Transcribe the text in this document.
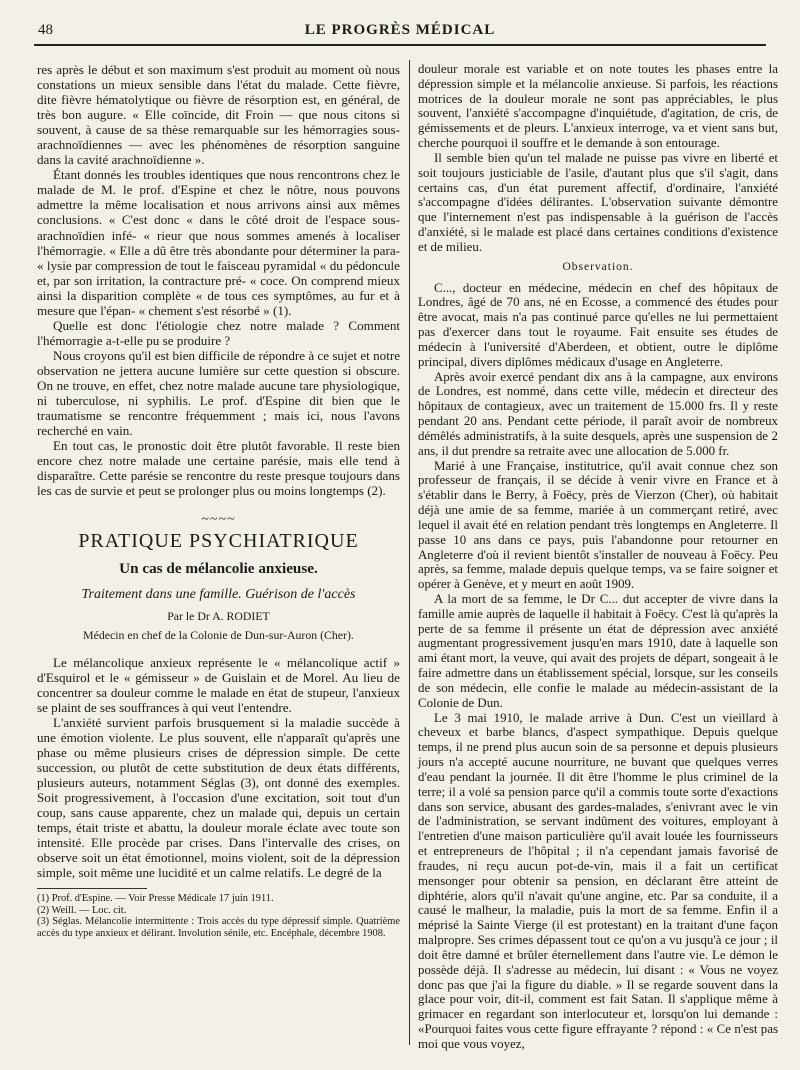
48	LE PROGRÈS MÉDICAL

res après le début et son maximum s'est produit au moment où nous constations un mieux sensible dans l'état du malade. Cette fièvre, dite fièvre hématolytique ou fièvre de résorption est, en général, de très bon augure. « Elle coïncide, dit Froin — que nous citons si souvent, à cause de sa thèse remarquable sur les hémorragies sous-arachnoïdiennes — avec les phénomènes de résorption sanguine dans la cavité arachnoïdienne ».

Étant donnés les troubles identiques que nous rencontrons chez le malade de M. le prof. d'Espine et chez le nôtre, nous pouvons admettre la même localisation et nous arrivons ainsi aux mêmes conclusions. « C'est donc « dans le côté droit de l'espace sous- arachnoïdien infé- « rieur que nous sommes amenés à localiser l'hémorragie. « Elle a dû être très abondante pour déterminer la para- « lysie par compression de tout le faisceau pyramidal « du pédoncule et, par son irritation, la contracture pré- « coce. On comprend mieux ainsi la disparition complète « de tous ces symptômes, au fur et à mesure que l'épan- « chement s'est résorbé » (1).

Quelle est donc l'étiologie chez notre malade ? Comment l'hémorragie a-t-elle pu se produire ?

Nous croyons qu'il est bien difficile de répondre à ce sujet et notre observation ne jettera aucune lumière sur cette question si obscure. On ne trouve, en effet, chez notre malade aucune tare physiologique, ni tuberculose, ni syphilis. Le prof. d'Espine dit bien que le traumatisme se rencontre fréquemment ; mais ici, nous l'avons recherché en vain.

En tout cas, le pronostic doit être plutôt favorable. Il reste bien encore chez notre malade une certaine parésie, mais elle tend à disparaître. Cette parésie se rencontre du reste presque toujours dans les cas de survie et peut se prolonger plus ou moins longtemps (2).

~~~~
PRATIQUE PSYCHIATRIQUE
Un cas de mélancolie anxieuse.
Traitement dans une famille. Guérison de l'accès
Par le Dr A. RODIET
Médecin en chef de la Colonie de Dun-sur-Auron (Cher).

Le mélancolique anxieux représente le « mélancolique actif » d'Esquirol et le « gémisseur » de Guislain et de Morel. Au lieu de concentrer sa douleur comme le malade en état de stupeur, l'anxieux se plaint de ses souffrances à qui veut l'entendre.

L'anxiété survient parfois brusquement si la maladie succède à une émotion violente. Le plus souvent, elle n'apparaît qu'après une phase ou même plusieurs crises de dépression simple. De cette succession, ou plutôt de cette substitution de deux états différents, plusieurs auteurs, notamment Séglas (3), ont donné des exemples. Soit progressivement, à l'occasion d'une excitation, soit tout d'un coup, sans cause apparente, chez un malade qui, depuis un certain temps, était triste et abattu, la douleur morale éclate avec toute son intensité. Elle procède par crises. Dans l'intervalle des crises, on observe soit un état émotionnel, moins violent, soit de la dépression simple, soit même une lucidité et un calme relatifs. Le degré de la

(1) Prof. d'Espine. — Voir Presse Médicale 17 juin 1911.
(2) Weill. — Loc. cit.
(3) Séglas. Mélancolie intermittente : Trois accès du type dépressif simple. Quatrième accès du type anxieux et délirant. Involution sénile, etc. Encéphale, décembre 1908.

douleur morale est variable et on note toutes les phases entre la dépression simple et la mélancolie anxieuse. Si parfois, les réactions motrices de la douleur morale ne sont pas appréciables, le plus souvent, l'anxiété s'accompagne d'inquiétude, d'agitation, de cris, de gémissements et de pleurs. L'anxieux interroge, va et vient sans but, cherche pourquoi il souffre et le demande à son entourage.

Il semble bien qu'un tel malade ne puisse pas vivre en liberté et soit toujours justiciable de l'asile, d'autant plus que s'il s'agit, dans certains cas, d'un état purement affectif, d'ordinaire, l'anxiété s'accompagne d'idées délirantes. L'observation suivante démontre que l'internement n'est pas indispensable à la guérison de l'accès d'anxiété, si le malade est placé dans certaines conditions d'existence et de milieu.

Observation.

C..., docteur en médecine, médecin en chef des hôpitaux de Londres, âgé de 70 ans, né en Ecosse, a commencé des études pour être avocat, mais n'a pas continué parce qu'elles ne lui permettaient pas d'exercer dans tout le royaume. Fait ensuite ses études de médecin à l'université d'Aberdeen, et obtient, outre le diplôme principal, divers diplômes médicaux d'usage en Angleterre.

Après avoir exercé pendant dix ans à la campagne, aux environs de Londres, est nommé, dans cette ville, médecin et directeur des hôpitaux de contagieux, avec un traitement de 15.000 frs. Il y reste pendant 20 ans. Pendant cette période, il paraît avoir de nombreux démêlés administratifs, à la suite desquels, après une suspension de 2 ans, il dut prendre sa retraite avec une allocation de 5.000 fr.

Marié à une Française, institutrice, qu'il avait connue chez son professeur de français, il se décide à venir vivre en France et à s'établir dans le Berry, à Foëcy, près de Vierzon (Cher), où habitait déjà une amie de sa femme, mariée à un commerçant retiré, avec lequel il avait été en relation pendant très longtemps en Angleterre. Il passe 10 ans dans ce pays, puis l'abandonne pour retourner en Angleterre d'où il revient bientôt s'installer de nouveau à Foëcy. Peu après, sa femme, malade depuis quelque temps, va se faire soigner et opérer à Genève, et y meurt en août 1909.

A la mort de sa femme, le Dr C... dut accepter de vivre dans la famille amie auprès de laquelle il habitait à Foëcy. C'est là qu'après la perte de sa femme il présente un état de dépression avec anxiété augmentant progressivement jusqu'en mars 1910, date à laquelle son ami étant mort, la veuve, qui avait des projets de départ, songeait à le faire admettre dans un établissement spécial, lorsque, sur les conseils de son médecin, elle confie le malade au médecin-assistant de la Colonie de Dun.

Le 3 mai 1910, le malade arrive à Dun. C'est un vieillard à cheveux et barbe blancs, d'aspect sympathique. Depuis quelque temps, il ne prend plus aucun soin de sa personne et depuis plusieurs jours n'a accepté aucune nourriture, ne buvant que quelques verres d'eau pendant la journée. Il dit être l'homme le plus criminel de la terre; il a volé sa pension parce qu'il a commis toute sorte d'exactions dans son service, abusant des gardes-malades, s'enivrant avec le vin de l'administration, se servant indûment des voitures, employant à l'entretien d'une maison particulière qu'il avait louée les fournisseurs et entrepreneurs de l'hôpital ; il n'a cependant jamais favorisé de fraudes, ni reçu aucun pot-de-vin, mais il a fait un certificat mensonger pour obtenir sa pension, en déclarant être atteint de diphtérie, alors qu'il n'avait qu'une angine, etc. Par sa conduite, il a causé le malheur, la maladie, puis la mort de sa femme. Enfin il a méprisé la Sainte Vierge (il est protestant) en la traitant d'une façon malpropre. Ses crimes dépassent tout ce qu'on a vu jusqu'à ce jour ; il doit être damné et brûler éternellement dans l'autre vie. Le démon le possède déjà. Il s'adresse au médecin, lui disant : « Vous ne voyez donc pas que j'ai la figure du diable. » Il se regarde souvent dans la glace pour voir, dit-il, comment est fait Satan. Il s'applique même à grimacer en regardant son interlocuteur et, lorsqu'on lui demande : «Pourquoi faites vous cette figure effrayante ? répond : « Ce n'est pas moi que vous voyez,
